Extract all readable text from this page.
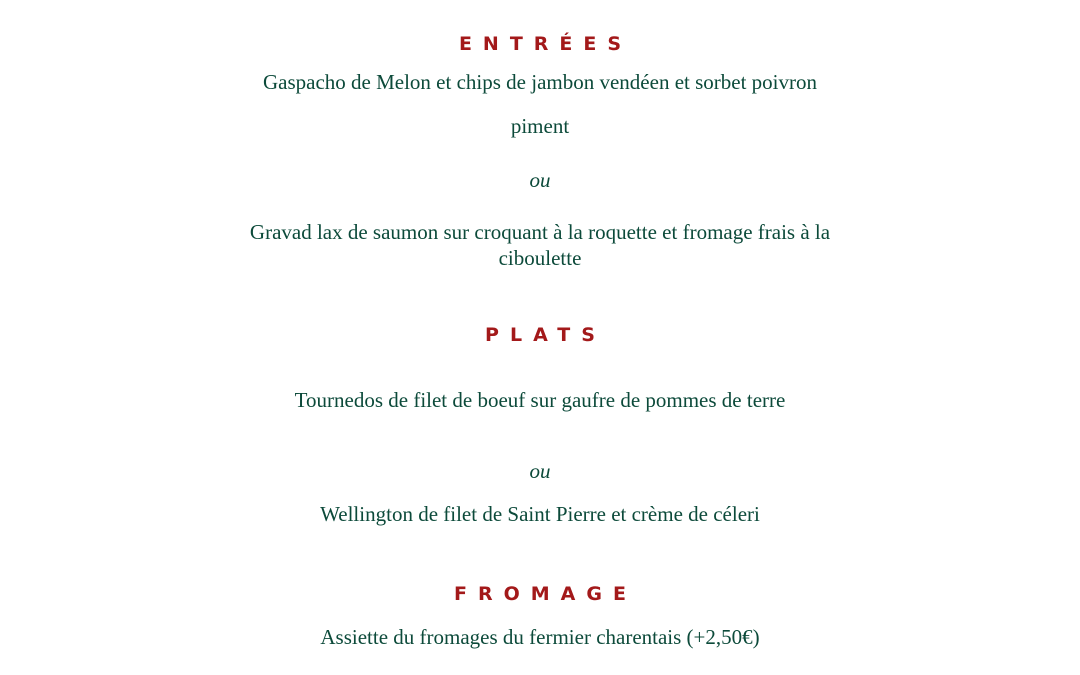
ENTRÉES
Gaspacho de Melon et chips de jambon vendéen et sorbet poivron
piment
ou
Gravad lax de saumon sur croquant à la roquette et fromage frais à la
ciboulette
PLATS
Tournedos de filet de boeuf sur gaufre de pommes de terre
ou
Wellington de filet de Saint Pierre et crème de céleri
FROMAGE
Assiette du fromages du fermier charentais (+2,50€)
